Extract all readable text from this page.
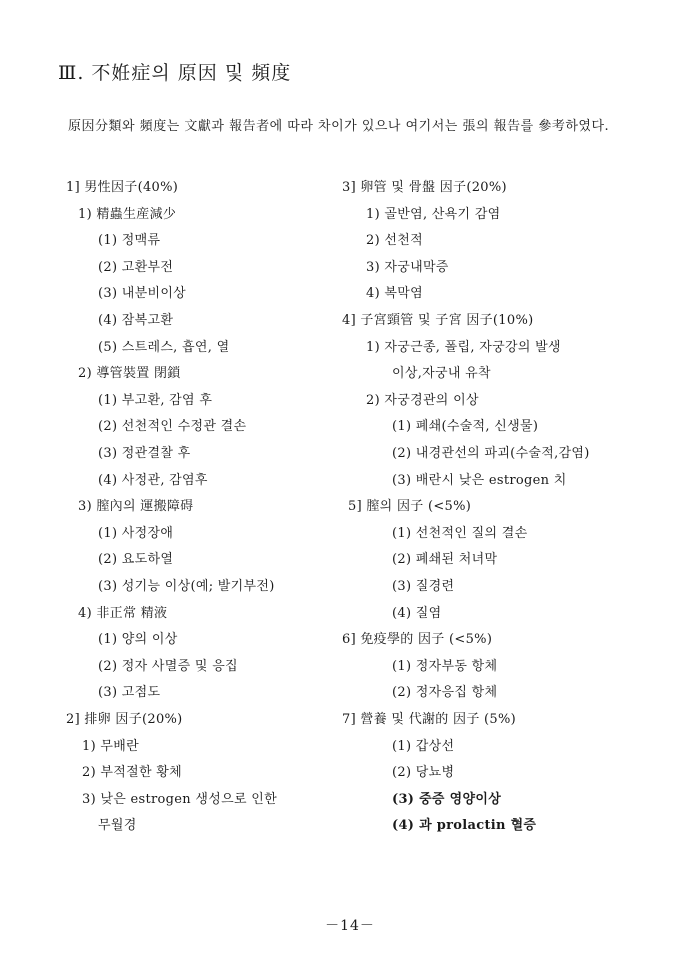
Ⅲ. 不姙症의 原因 및 頻度
原因分類와 頻度는 文獻과 報告者에 따라 차이가 있으나 여기서는 張의 報告를 參考하였다.
1] 男性因子(40%)
1) 精蟲生産減少
(1) 정맥류
(2) 고환부전
(3) 내분비이상
(4) 잠복고환
(5) 스트레스, 흡연, 열
2) 導管裝置 閉鎖
(1) 부고환, 감염 후
(2) 선천적인 수정관 결손
(3) 정관결찰 후
(4) 사정관, 감염후
3) 膣內의 運搬障碍
(1) 사정장애
(2) 요도하열
(3) 성기능 이상(예; 발기부전)
4) 非正常 精液
(1) 양의 이상
(2) 정자 사멸증 및 응집
(3) 고점도
2] 排卵 因子(20%)
1) 무배란
2) 부적절한 황체
3) 낮은 estrogen 생성으로 인한
무월경
3] 卵管 및 骨盤 因子(20%)
1) 골반염, 산욕기 감염
2) 선천적
3) 자궁내막증
4) 복막염
4] 子宮頸管 및 子宮 因子(10%)
1) 자궁근종, 폴립, 자궁강의 발생
이상,자궁내 유착
2) 자궁경관의 이상
(1) 폐쇄(수술적, 신생물)
(2) 내경관선의 파괴(수술적,감염)
(3) 배란시 낮은 estrogen 치
5] 膣의 因子 (<5%)
(1) 선천적인 질의 결손
(2) 폐쇄된 처녀막
(3) 질경련
(4) 질염
6] 免疫學的 因子 (<5%)
(1) 정자부동 항체
(2) 정자응집 항체
7] 營養 및 代謝的 因子 (5%)
(1) 갑상선
(2) 당뇨병
(3) 중증 영양이상
(4) 과 prolactin 혈증
－14－
